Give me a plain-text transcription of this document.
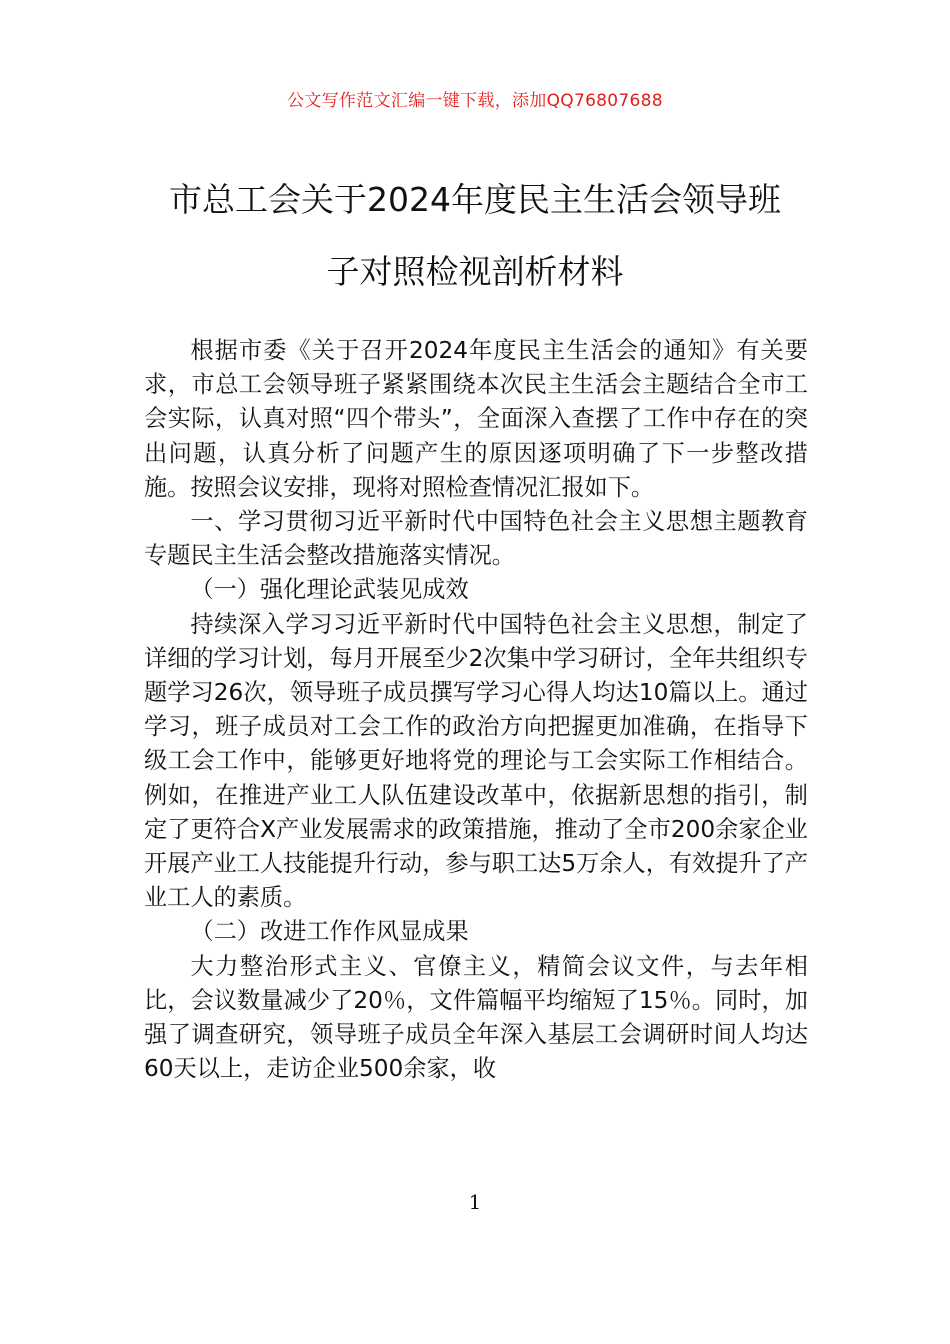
公文写作范文汇编一键下载，添加QQ76807688
市总工会关于2024年度民主生活会领导班
子对照检视剖析材料

根据市委《关于召开2024年度民主生活会的通知》有关要求，市总工会领导班子紧紧围绕本次民主生活会主题结合全市工会实际，认真对照“四个带头”，全面深入查摆了工作中存在的突出问题，认真分析了问题产生的原因逐项明确了下一步整改措施。按照会议安排，现将对照检查情况汇报如下。

一、学习贯彻习近平新时代中国特色社会主义思想主题教育专题民主生活会整改措施落实情况。

（一）强化理论武装见成效

持续深入学习习近平新时代中国特色社会主义思想，制定了详细的学习计划，每月开展至少2次集中学习研讨，全年共组织专题学习26次，领导班子成员撰写学习心得人均达10篇以上。通过学习，班子成员对工会工作的政治方向把握更加准确，在指导下级工会工作中，能够更好地将党的理论与工会实际工作相结合。例如，在推进产业工人队伍建设改革中，依据新思想的指引，制定了更符合X产业发展需求的政策措施，推动了全市200余家企业开展产业工人技能提升行动，参与职工达5万余人，有效提升了产业工人的素质。

（二）改进工作作风显成果

大力整治形式主义、官僚主义，精简会议文件，与去年相比，会议数量减少了20％，文件篇幅平均缩短了15％。同时，加强了调查研究，领导班子成员全年深入基层工会调研时间人均达60天以上，走访企业500余家，收

1
